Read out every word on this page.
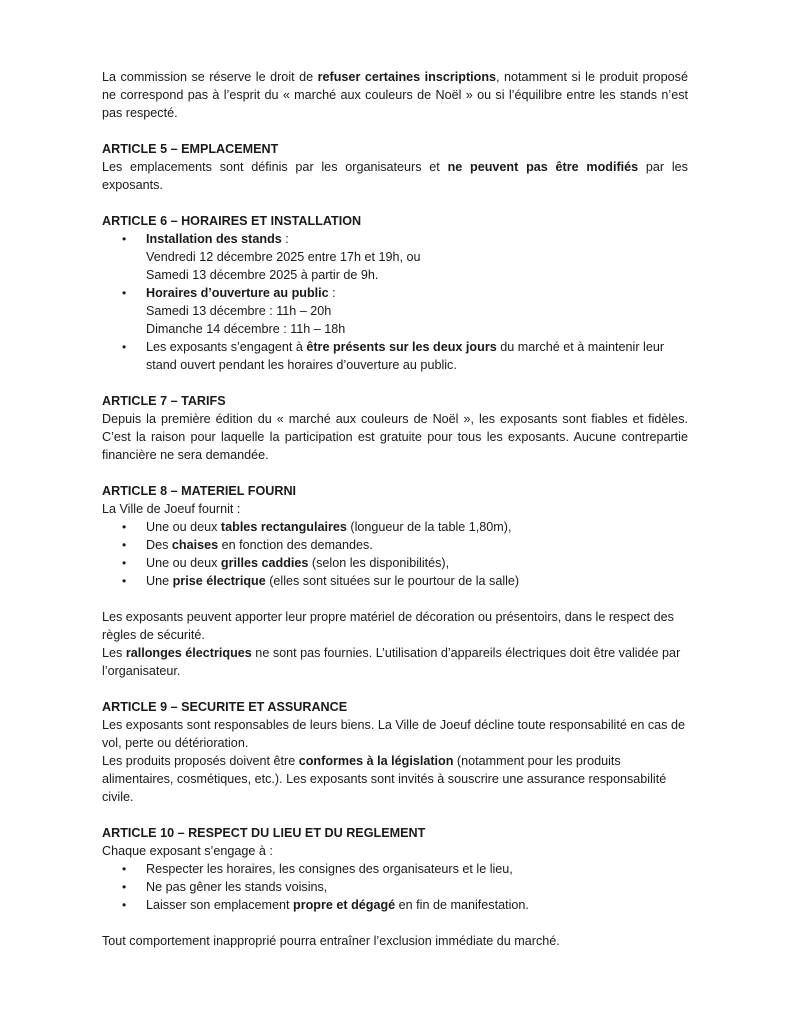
La commission se réserve le droit de refuser certaines inscriptions, notamment si le produit proposé ne correspond pas à l’esprit du « marché aux couleurs de Noël » ou si l’équilibre entre les stands n’est pas respecté.

ARTICLE 5 – EMPLACEMENT

Les emplacements sont définis par les organisateurs et ne peuvent pas être modifiés par les exposants.

ARTICLE 6 – HORAIRES ET INSTALLATION

• Installation des stands :
Vendredi 12 décembre 2025 entre 17h et 19h, ou
Samedi 13 décembre 2025 à partir de 9h.
• Horaires d’ouverture au public :
Samedi 13 décembre : 11h – 20h
Dimanche 14 décembre : 11h – 18h
• Les exposants s’engagent à être présents sur les deux jours du marché et à maintenir leur stand ouvert pendant les horaires d’ouverture au public.

ARTICLE 7 – TARIFS

Depuis la première édition du « marché aux couleurs de Noël », les exposants sont fiables et fidèles. C’est la raison pour laquelle la participation est gratuite pour tous les exposants. Aucune contrepartie financière ne sera demandée.

ARTICLE 8 – MATERIEL FOURNI

La Ville de Joeuf fournit :

• Une ou deux tables rectangulaires (longueur de la table 1,80m),
• Des chaises en fonction des demandes.
• Une ou deux grilles caddies (selon les disponibilités),
• Une prise électrique (elles sont situées sur le pourtour de la salle)

Les exposants peuvent apporter leur propre matériel de décoration ou présentoirs, dans le respect des règles de sécurité.

Les rallonges électriques ne sont pas fournies. L’utilisation d’appareils électriques doit être validée par l’organisateur.

ARTICLE 9 – SECURITE ET ASSURANCE

Les exposants sont responsables de leurs biens. La Ville de Joeuf décline toute responsabilité en cas de vol, perte ou détérioration.

Les produits proposés doivent être conformes à la législation (notamment pour les produits alimentaires, cosmétiques, etc.). Les exposants sont invités à souscrire une assurance responsabilité civile.

ARTICLE 10 – RESPECT DU LIEU ET DU REGLEMENT

Chaque exposant s’engage à :

• Respecter les horaires, les consignes des organisateurs et le lieu,
• Ne pas gêner les stands voisins,
• Laisser son emplacement propre et dégagé en fin de manifestation.

Tout comportement inapproprié pourra entraîner l’exclusion immédiate du marché.
